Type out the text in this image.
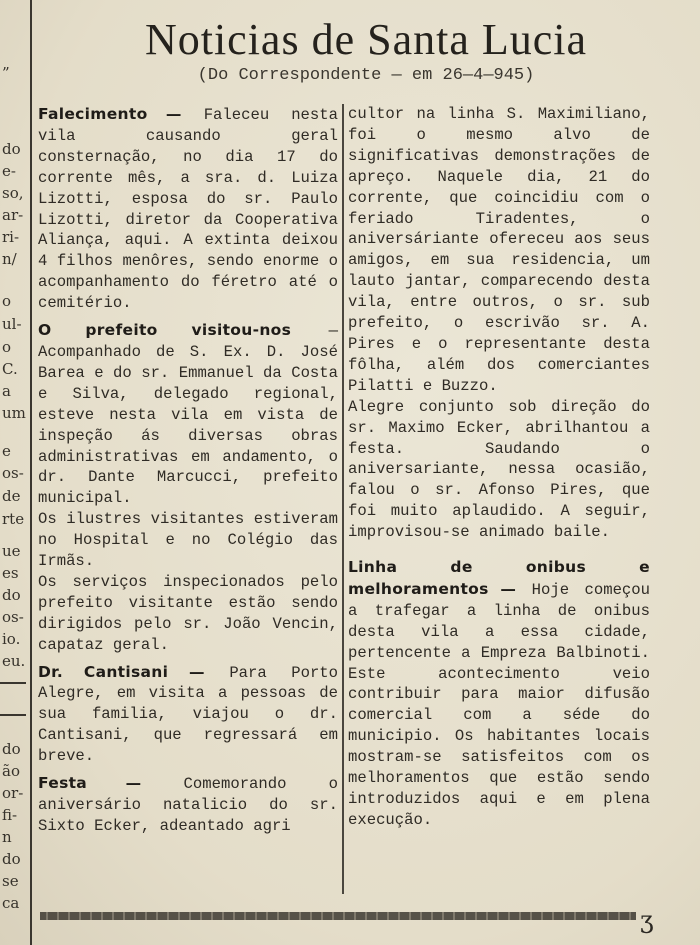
”
do
e-
so,
ar-
ri-
n/
o
ul-
o
C.
a
um
e
os-
de
rte
ue
es
do
os-
io.
eu.
do
ão
or-
fi-
n
do
se
ca
Noticias de Santa Lucia
(Do Correspondente — em 26—4—945)

Falecimento — Faleceu nesta vila causando geral consternação, no dia 17 do corrente mês, a sra. d. Luiza Lizotti, esposa do sr. Paulo Lizotti, diretor da Cooperativa Aliança, aqui. A extinta deixou 4 filhos menôres, sendo enorme o acompanhamento do féretro até o cemitério.

O prefeito visitou-nos — Acompanhado de S. Ex. D. José Barea e do sr. Emmanuel da Costa e Silva, delegado regional, esteve nesta vila em vista de inspeção ás diversas obras administrativas em andamento, o dr. Dante Marcucci, prefeito municipal.

Os ilustres visitantes estiveram no Hospital e no Colégio das Irmãs.

Os serviços inspecionados pelo prefeito visitante estão sendo dirigidos pelo sr. João Vencin, capataz geral.

Dr. Cantisani — Para Porto Alegre, em visita a pessoas de sua familia, viajou o dr. Cantisani, que regressará em breve.

Festa —	Comemorando o aniversário natalicio do sr. Sixto Ecker, adeantado agri

cultor na linha S. Maximiliano, foi o mesmo alvo de significativas demonstrações de apreço. Naquele dia, 21 do corrente, que coincidiu com o feriado Tiradentes, o aniversáriante ofereceu aos seus amigos, em sua residencia, um lauto jantar, comparecendo desta vila, entre outros, o sr. sub prefeito, o escrivão sr. A. Pires e o representante desta fôlha, além dos comerciantes Pilatti e Buzzo.

Alegre conjunto sob direção do sr. Maximo Ecker, abrilhantou a festa. Saudando o aniversariante, nessa ocasião, falou o sr. Afonso Pires, que foi muito aplaudido. A seguir, improvisou-se animado baile.

Linha de onibus e melhoramentos — Hoje começou a trafegar a linha de onibus desta vila a essa cidade, pertencente a Empreza Balbinoti. Este acontecimento veio contribuir para maior difusão comercial com a séde do municipio. Os habitantes locais mostram-se satisfeitos com os melhoramentos que estão sendo introduzidos aqui e em plena execução.

ʒ
